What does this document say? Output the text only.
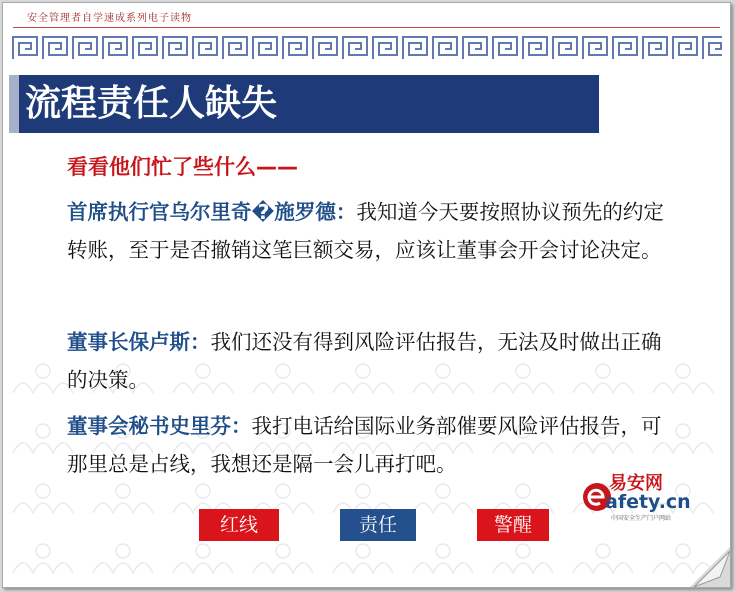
安全管理者自学速成系列电子读物
流程责任人缺失
看看他们忙了些什么——
首席执行官乌尔里奇�施罗德：我知道今天要按照协议预先的约定转账，至于是否撤销这笔巨额交易，应该让董事会开会讨论决定。
董事长保卢斯：我们还没有得到风险评估报告，无法及时做出正确的决策。
董事会秘书史里芬：我打电话给国际业务部催要风险评估报告，可那里总是占线，我想还是隔一会儿再打吧。
易安网
afety.cn
中国安全生产门户网站
红线	责任	警醒
